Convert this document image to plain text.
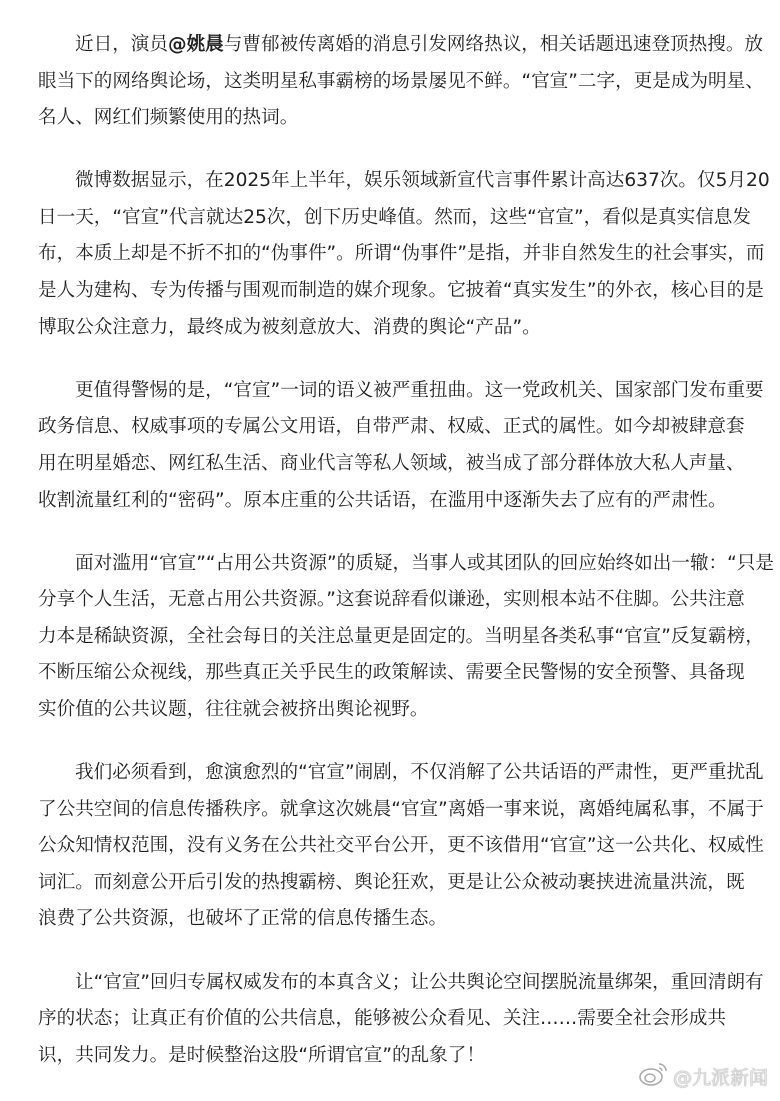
近日，演员@姚晨与曹郁被传离婚的消息引发网络热议，相关话题迅速登顶热搜。放
眼当下的网络舆论场，这类明星私事霸榜的场景屡见不鲜。“官宣”二字，更是成为明星、
名人、网红们频繁使用的热词。
微博数据显示，在2025年上半年，娱乐领域新宣代言事件累计高达637次。仅5月20
日一天，“官宣”代言就达25次，创下历史峰值。然而，这些“官宣”，看似是真实信息发
布，本质上却是不折不扣的“伪事件”。所谓“伪事件”是指，并非自然发生的社会事实，而
是人为建构、专为传播与围观而制造的媒介现象。它披着“真实发生”的外衣，核心目的是
博取公众注意力，最终成为被刻意放大、消费的舆论“产品”。
更值得警惕的是，“官宣”一词的语义被严重扭曲。这一党政机关、国家部门发布重要
政务信息、权威事项的专属公文用语，自带严肃、权威、正式的属性。如今却被肆意套
用在明星婚恋、网红私生活、商业代言等私人领域，被当成了部分群体放大私人声量、
收割流量红利的“密码”。原本庄重的公共话语，在滥用中逐渐失去了应有的严肃性。
面对滥用“官宣”“占用公共资源”的质疑，当事人或其团队的回应始终如出一辙：“只是
分享个人生活，无意占用公共资源。”这套说辞看似谦逊，实则根本站不住脚。公共注意
力本是稀缺资源，全社会每日的关注总量更是固定的。当明星各类私事“官宣”反复霸榜，
不断压缩公众视线，那些真正关乎民生的政策解读、需要全民警惕的安全预警、具备现
实价值的公共议题，往往就会被挤出舆论视野。
我们必须看到，愈演愈烈的“官宣”闹剧，不仅消解了公共话语的严肃性，更严重扰乱
了公共空间的信息传播秩序。就拿这次姚晨“官宣”离婚一事来说，离婚纯属私事，不属于
公众知情权范围，没有义务在公共社交平台公开，更不该借用“官宣”这一公共化、权威性
词汇。而刻意公开后引发的热搜霸榜、舆论狂欢，更是让公众被动裹挟进流量洪流，既
浪费了公共资源，也破坏了正常的信息传播生态。
让“官宣”回归专属权威发布的本真含义；让公共舆论空间摆脱流量绑架，重回清朗有
序的状态；让真正有价值的公共信息，能够被公众看见、关注……需要全社会形成共
识，共同发力。是时候整治这股“所谓官宣”的乱象了！
@九派新闻
